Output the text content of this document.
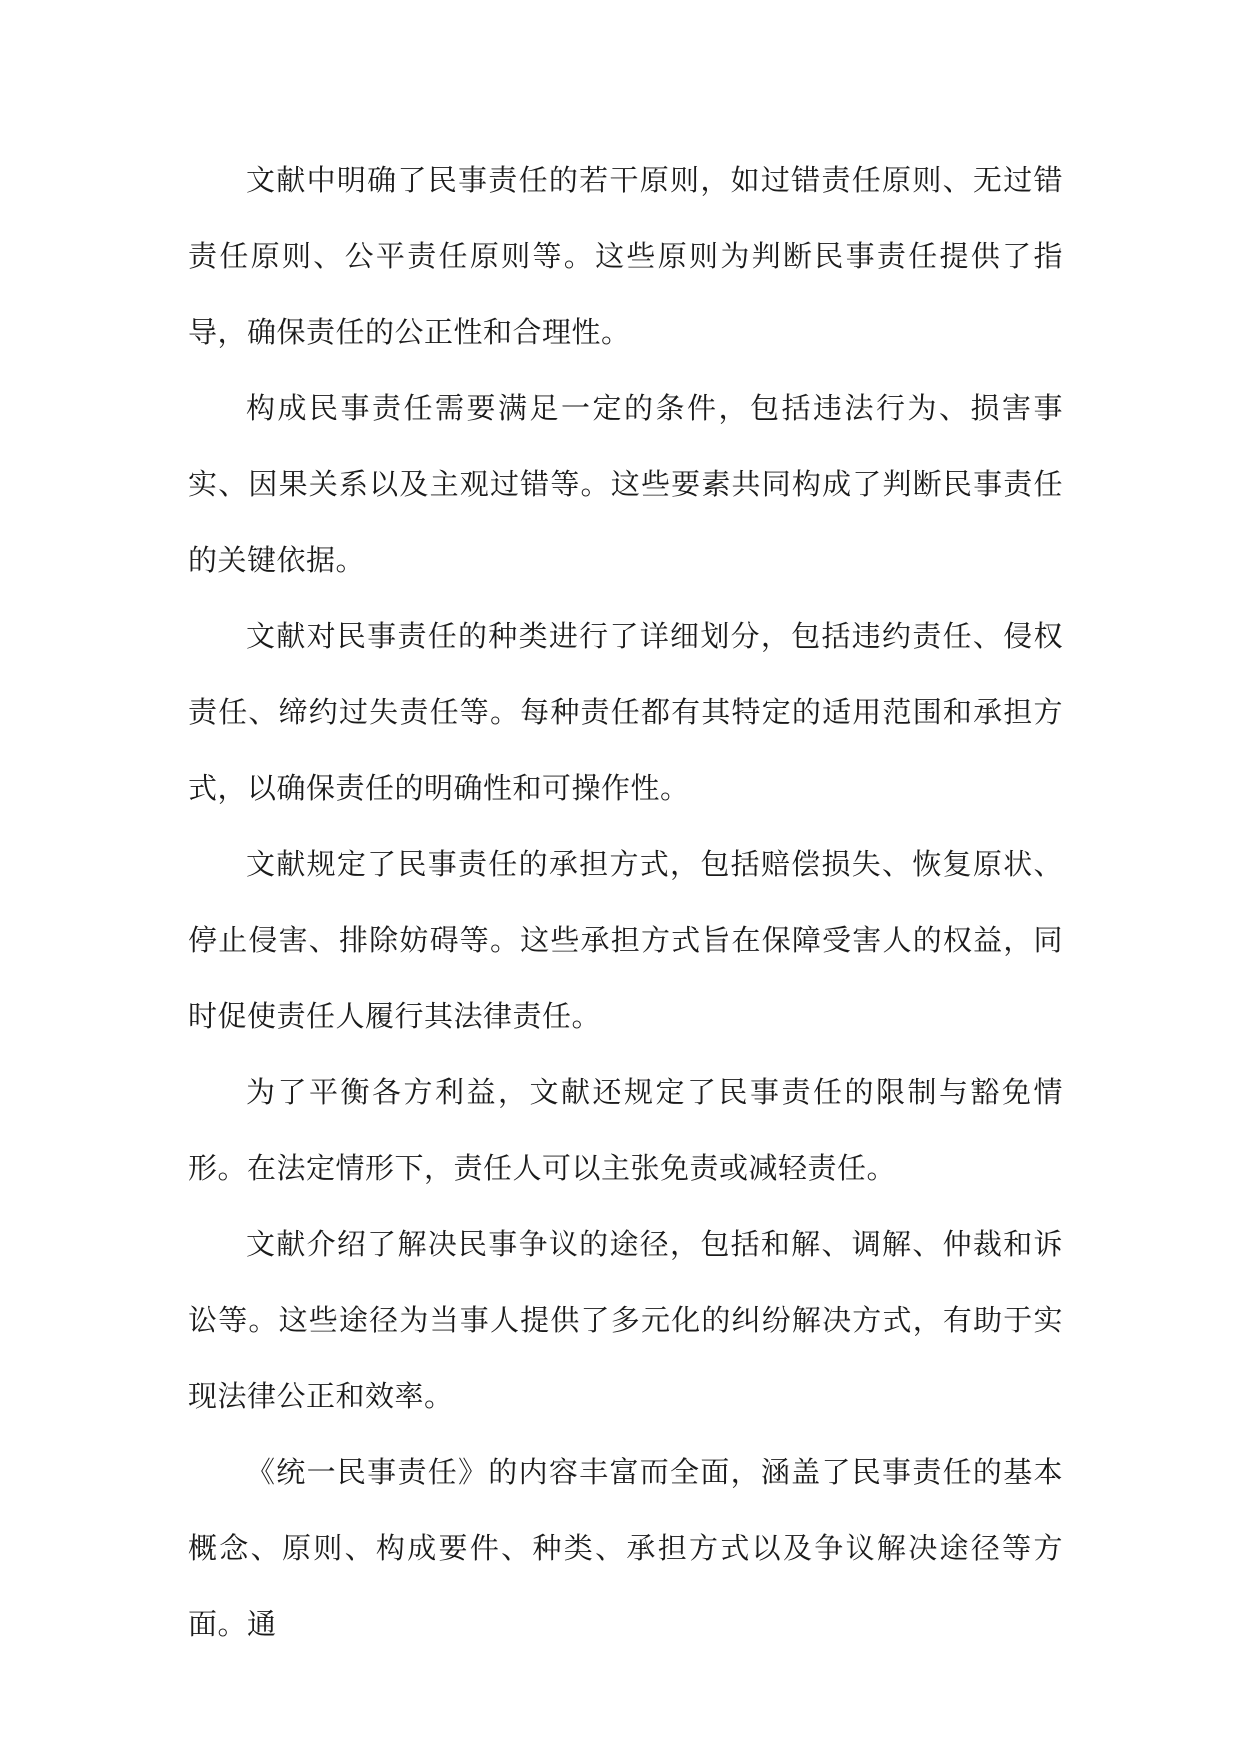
文献中明确了民事责任的若干原则，如过错责任原则、无过错责任原则、公平责任原则等。这些原则为判断民事责任提供了指导，确保责任的公正性和合理性。

构成民事责任需要满足一定的条件，包括违法行为、损害事实、因果关系以及主观过错等。这些要素共同构成了判断民事责任的关键依据。

文献对民事责任的种类进行了详细划分，包括违约责任、侵权责任、缔约过失责任等。每种责任都有其特定的适用范围和承担方式，以确保责任的明确性和可操作性。

文献规定了民事责任的承担方式，包括赔偿损失、恢复原状、停止侵害、排除妨碍等。这些承担方式旨在保障受害人的权益，同时促使责任人履行其法律责任。

为了平衡各方利益，文献还规定了民事责任的限制与豁免情形。在法定情形下，责任人可以主张免责或减轻责任。

文献介绍了解决民事争议的途径，包括和解、调解、仲裁和诉讼等。这些途径为当事人提供了多元化的纠纷解决方式，有助于实现法律公正和效率。

《统一民事责任》的内容丰富而全面，涵盖了民事责任的基本概念、原则、构成要件、种类、承担方式以及争议解决途径等方面。通
